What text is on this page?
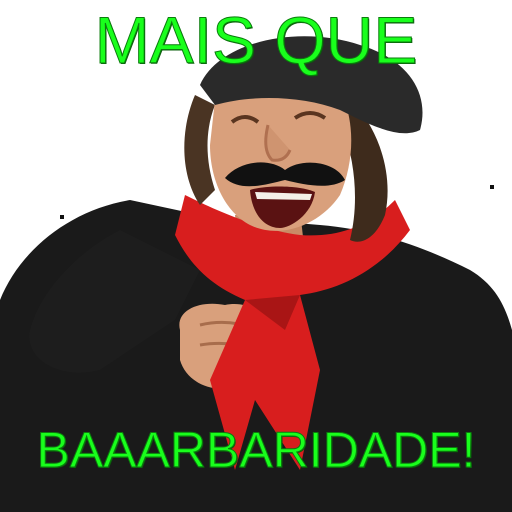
MAIS QUE
BAAARBARIDADE!
